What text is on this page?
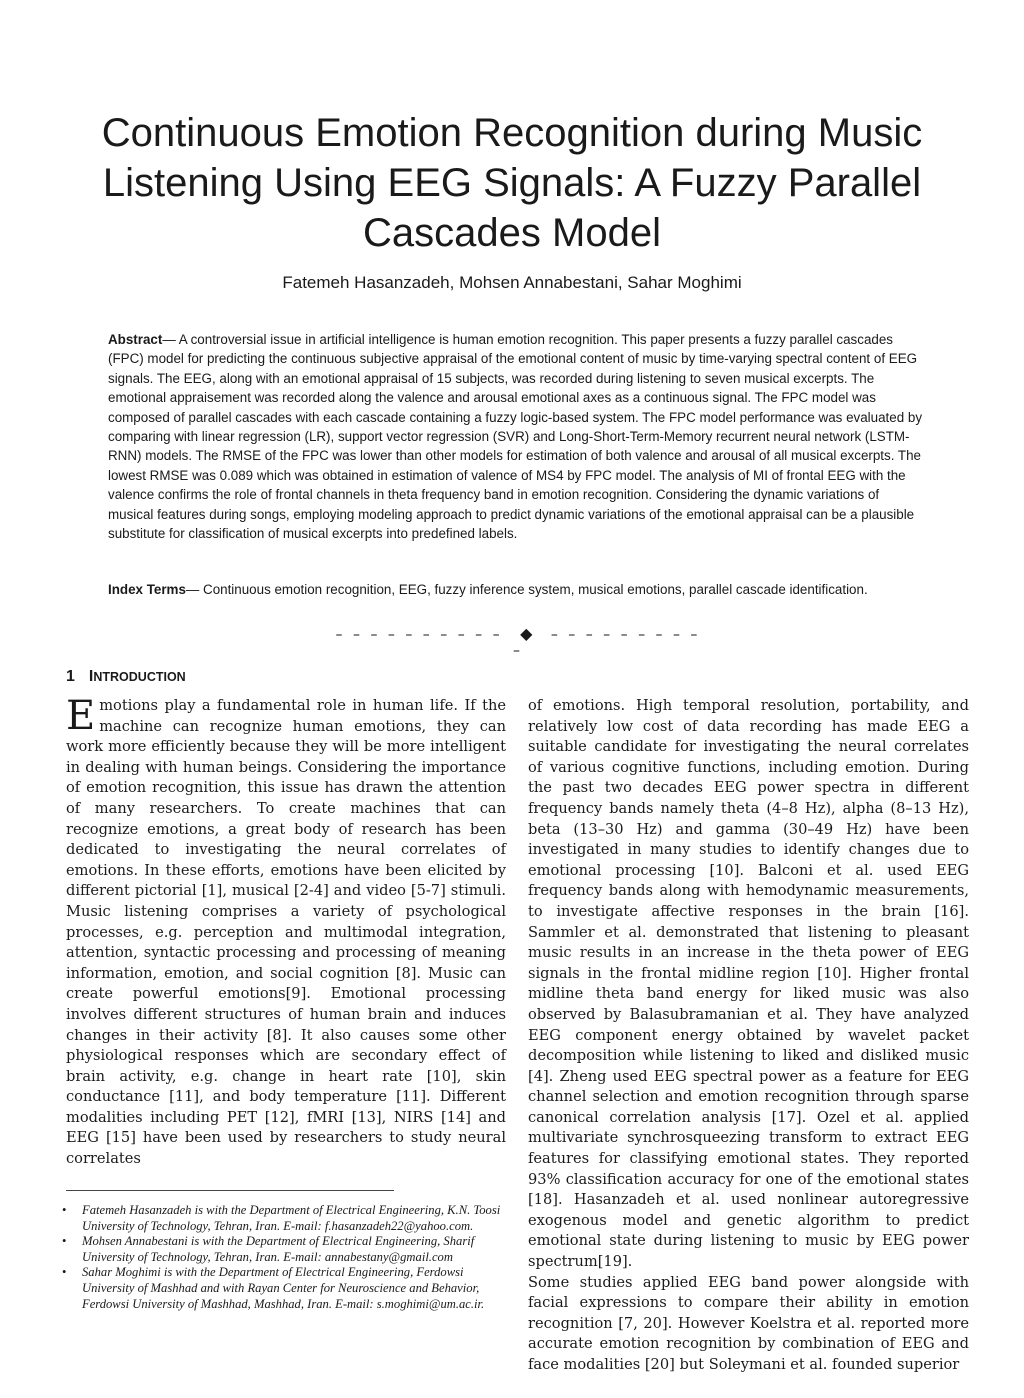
Continuous Emotion Recognition during Music Listening Using EEG Signals: A Fuzzy Parallel Cascades Model
Fatemeh Hasanzadeh, Mohsen Annabestani, Sahar Moghimi

Abstract— A controversial issue in artificial intelligence is human emotion recognition. This paper presents a fuzzy parallel cascades (FPC) model for predicting the continuous subjective appraisal of the emotional content of music by time-varying spectral content of EEG signals. The EEG, along with an emotional appraisal of 15 subjects, was recorded during listening to seven musical excerpts. The emotional appraisement was recorded along the valence and arousal emotional axes as a continuous signal. The FPC model was composed of parallel cascades with each cascade containing a fuzzy logic-based system. The FPC model performance was evaluated by comparing with linear regression (LR), support vector regression (SVR) and Long-Short-Term-Memory recurrent neural network (LSTM-RNN) models. The RMSE of the FPC was lower than other models for estimation of both valence and arousal of all musical excerpts. The lowest RMSE was 0.089 which was obtained in estimation of valence of MS4 by FPC model. The analysis of MI of frontal EEG with the valence confirms the role of frontal channels in theta frequency band in emotion recognition. Considering the dynamic variations of musical features during songs, employing modeling approach to predict dynamic variations of the emotional appraisal can be a plausible substitute for classification of musical excerpts into predefined labels.

Index Terms— Continuous emotion recognition, EEG, fuzzy inference system, musical emotions, parallel cascade identification.

– – – – – – – – – – ◆ – – – – – – – – – –
1 INTRODUCTION

Emotions play a fundamental role in human life. If the machine can recognize human emotions, they can work more efficiently because they will be more intelligent in dealing with human beings. Considering the importance of emotion recognition, this issue has drawn the attention of many researchers. To create machines that can recognize emotions, a great body of research has been dedicated to investigating the neural correlates of emotions. In these efforts, emotions have been elicited by different pictorial [1], musical [2-4] and video [5-7] stimuli. Music listening comprises a variety of psychological processes, e.g. perception and multimodal integration, attention, syntactic processing and processing of meaning information, emotion, and social cognition [8]. Music can create powerful emotions[9]. Emotional processing involves different structures of human brain and induces changes in their activity [8]. It also causes some other physiological responses which are secondary effect of brain activity, e.g. change in heart rate [10], skin conductance [11], and body temperature [11]. Different modalities including PET [12], fMRI [13], NIRS [14] and EEG [15] have been used by researchers to study neural correlates

of emotions. High temporal resolution, portability, and relatively low cost of data recording has made EEG a suitable candidate for investigating the neural correlates of various cognitive functions, including emotion. During the past two decades EEG power spectra in different frequency bands namely theta (4–8 Hz), alpha (8–13 Hz), beta (13–30 Hz) and gamma (30–49 Hz) have been investigated in many studies to identify changes due to emotional processing [10]. Balconi et al. used EEG frequency bands along with hemodynamic measurements, to investigate affective responses in the brain [16]. Sammler et al. demonstrated that listening to pleasant music results in an increase in the theta power of EEG signals in the frontal midline region [10]. Higher frontal midline theta band energy for liked music was also observed by Balasubramanian et al. They have analyzed EEG component energy obtained by wavelet packet decomposition while listening to liked and disliked music [4]. Zheng used EEG spectral power as a feature for EEG channel selection and emotion recognition through sparse canonical correlation analysis [17]. Ozel et al. applied multivariate synchrosqueezing transform to extract EEG features for classifying emotional states. They reported 93% classification accuracy for one of the emotional states [18]. Hasanzadeh et al. used nonlinear autoregressive exogenous model and genetic algorithm to predict emotional state during listening to music by EEG power spectrum[19].

Some studies applied EEG band power alongside with facial expressions to compare their ability in emotion recognition [7, 20]. However Koelstra et al. reported more accurate emotion recognition by combination of EEG and face modalities [20] but Soleymani et al. founded superior

• Fatemeh Hasanzadeh is with the Department of Electrical Engineering, K.N. Toosi University of Technology, Tehran, Iran. E-mail: f.hasanzadeh22@yahoo.com.
• Mohsen Annabestani is with the Department of Electrical Engineering, Sharif University of Technology, Tehran, Iran. E-mail: annabestany@gmail.com
• Sahar Moghimi is with the Department of Electrical Engineering, Ferdowsi University of Mashhad and with Rayan Center for Neuroscience and Behavior, Ferdowsi University of Mashhad, Mashhad, Iran. E-mail: s.moghimi@um.ac.ir.
